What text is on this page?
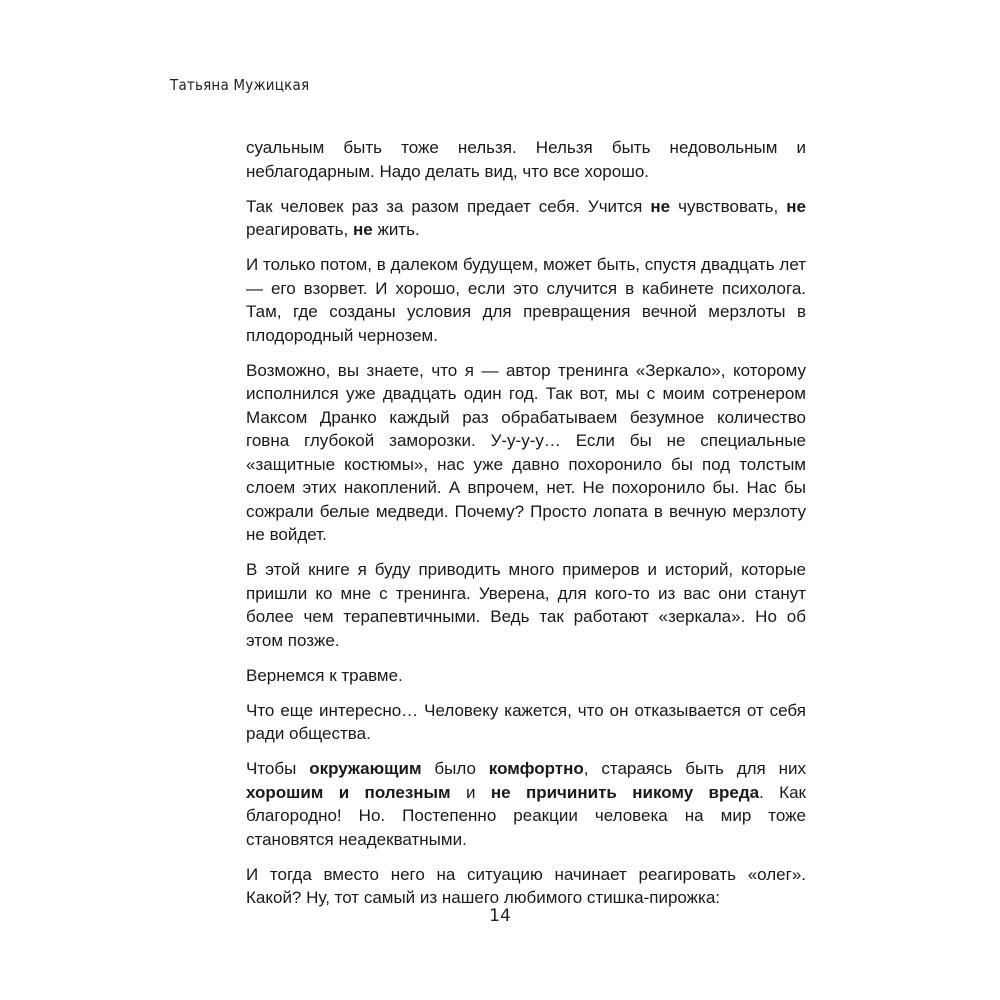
Татьяна Мужицкая

суальным быть тоже нельзя. Нельзя быть недовольным и неблагодарным. Надо делать вид, что все хорошо.

Так человек раз за разом предает себя. Учится не чувствовать, не реагировать, не жить.

И только потом, в далеком будущем, может быть, спустя двадцать лет — его взорвет. И хорошо, если это случится в кабинете психолога. Там, где созданы условия для превращения вечной мерзлоты в плодородный чернозем.

Возможно, вы знаете, что я — автор тренинга «Зеркало», которому исполнился уже двадцать один год. Так вот, мы с моим сотренером Максом Дранко каждый раз обрабатываем безумное количество говна глубокой заморозки. У-у-у-у… Если бы не специальные «защитные костюмы», нас уже давно похоронило бы под толстым слоем этих накоплений. А впрочем, нет. Не похоронило бы. Нас бы сожрали белые медведи. Почему? Просто лопата в вечную мерзлоту не войдет.

В этой книге я буду приводить много примеров и историй, которые пришли ко мне с тренинга. Уверена, для кого-то из вас они станут более чем терапевтичными. Ведь так работают «зеркала». Но об этом позже.

Вернемся к травме.

Что еще интересно… Человеку кажется, что он отказывается от себя ради общества.

Чтобы окружающим было комфортно, стараясь быть для них хорошим и полезным и не причинить никому вреда. Как благородно! Но. Постепенно реакции человека на мир тоже становятся неадекватными.

И тогда вместо него на ситуацию начинает реагировать «олег». Какой? Ну, тот самый из нашего любимого стишка-пирожка:

14
